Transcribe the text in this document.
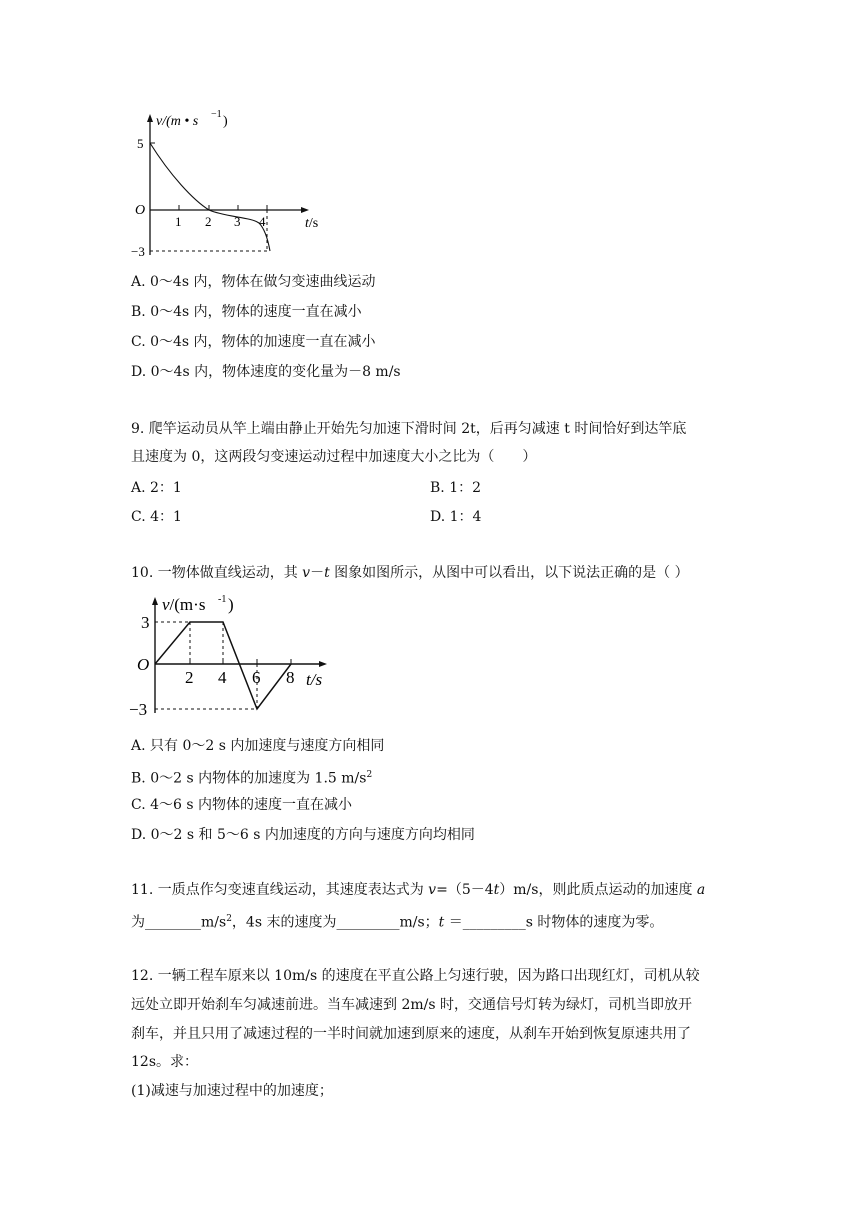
v/(m • s −1 )
5
−3
O
1 2 3 4	t/s
A. 0～4s 内，物体在做匀变速曲线运动
B. 0～4s 内，物体的速度一直在减小
C. 0～4s 内，物体的加速度一直在减小
D. 0～4s 内，物体速度的变化量为－8 m/s
9. 爬竿运动员从竿上端由静止开始先匀加速下滑时间 2t，后再匀减速 t 时间恰好到达竿底
且速度为 0，这两段匀变速运动过程中加速度大小之比为（　　）
A. 2：1	B. 1：2
C. 4：1	D. 1：4
10. 一物体做直线运动，其 v－t 图象如图所示，从图中可以看出，以下说法正确的是（ ）
v/(m·s -1 )
3
−3
O
2 4 6 8 t/s
A. 只有 0～2 s 内加速度与速度方向相同
B. 0～2 s 内物体的加速度为 1.5 $m/s^2$
C. 4～6 s 内物体的速度一直在减小
D. 0～2 s 和 5～6 s 内加速度的方向与速度方向均相同
11. 一质点作匀变速直线运动，其速度表达式为 v=（5－4t）m/s，则此质点运动的加速度 a
为$\_\_\_\_\_\_\_\_m/s^2$，4s 末的速度为_________m/s；t ＝_________s 时物体的速度为零。
12. 一辆工程车原来以 10m/s 的速度在平直公路上匀速行驶，因为路口出现红灯，司机从较
远处立即开始刹车匀减速前进。当车减速到 2m/s 时，交通信号灯转为绿灯，司机当即放开
刹车，并且只用了减速过程的一半时间就加速到原来的速度，从刹车开始到恢复原速共用了
12s。求：
(1)减速与加速过程中的加速度；
